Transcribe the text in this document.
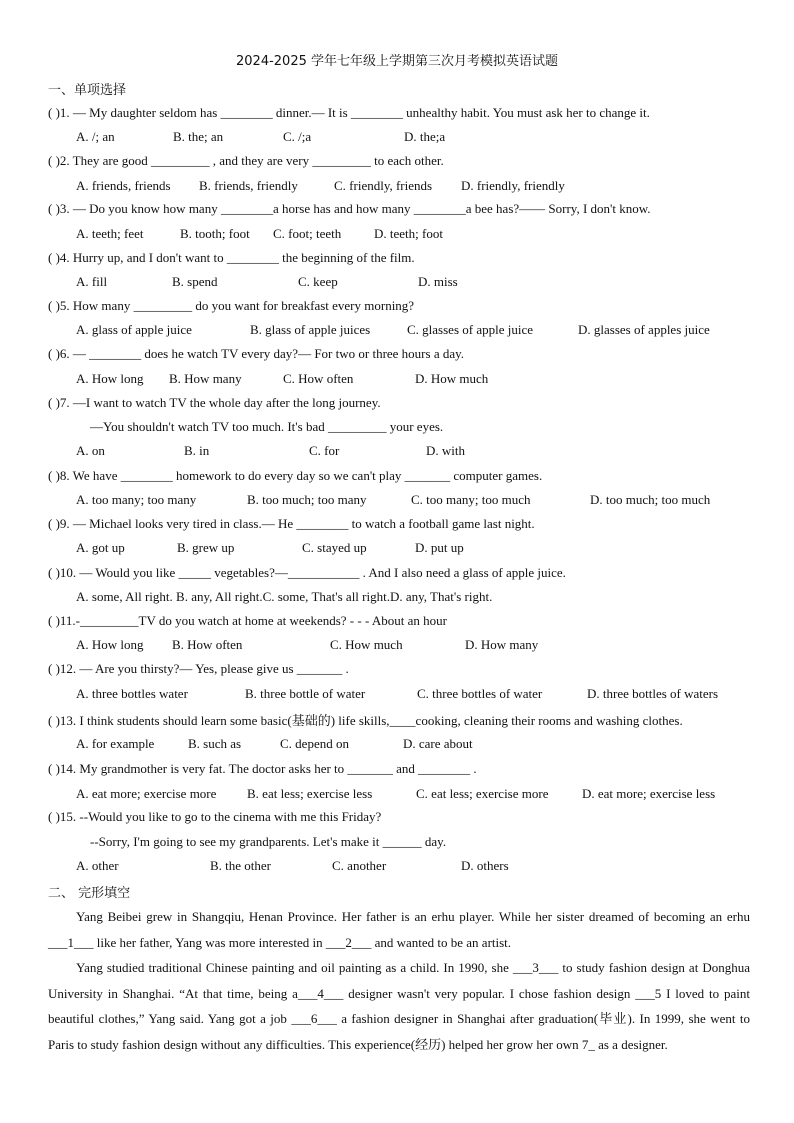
2024-2025 学年七年级上学期第三次月考模拟英语试题
一、单项选择
( )1. — My daughter seldom has ________ dinner.— It is ________ unhealthy habit. You must ask her to change it.
A. /; an	B. the; an	C. /;a	D. the;a
( )2. They are good _________ , and they are very _________ to each other.
A. friends, friends B. friends, friendly	C. friendly, friends D. friendly, friendly
( )3. — Do you know how many ________a horse has and how many ________a bee has?—— Sorry, I don't know.
A. teeth; feet	B. tooth; foot C. foot; teeth	D. teeth; foot
( )4. Hurry up, and I don't want to ________ the beginning of the film.
A. fill	B. spend	C. keep	D. miss
( )5. How many _________ do you want for breakfast every morning?
A. glass of apple juice	B. glass of apple juices	C. glasses of apple juice	D. glasses of apples juice
( )6. — ________ does he watch TV every day?— For two or three hours a day.
A. How long B. How many	C. How often	D. How much
( )7. —I want to watch TV the whole day after the long journey.
—You shouldn't watch TV too much. It's bad _________ your eyes.
A. on	B. in	C. for	D. with
( )8. We have ________ homework to do every day so we can't play _______ computer games.
A. too many; too many	B. too much; too many	C. too many; too much	D. too much; too much
( )9. — Michael looks very tired in class.— He ________ to watch a football game last night.
A. got up	B. grew up	C. stayed up	D. put up
( )10. — Would you like _____ vegetables?—___________ . And I also need a glass of apple juice.
A. some, All right. B. any, All right.C. some, That's all right.D. any, That's right.
( )11.-_________TV do you watch at home at weekends? - - - About an hour
A. How long B. How often	C. How much	D. How many
( )12. — Are you thirsty?— Yes, please give us _______ .
A. three bottles water	B. three bottle of water	C. three bottles of water	D. three bottles of waters
( )13. I think students should learn some basic(基础的) life skills,____cooking, cleaning their rooms and washing clothes.
A. for example	B. such as	C. depend on	D. care about
( )14. My grandmother is very fat. The doctor asks her to _______ and ________ .
A. eat more; exercise more B. eat less; exercise less	C. eat less; exercise more	D. eat more; exercise less
( )15. --Would you like to go to the cinema with me this Friday?
--Sorry, I'm going to see my grandparents. Let's make it ______ day.
A. other	B. the other	C. another	D. others
二、 完形填空
Yang Beibei grew in Shangqiu, Henan Province. Her father is an erhu player. While her sister dreamed of becoming an erhu ___1___ like her father, Yang was more interested in ___2___ and wanted to be an artist.
Yang studied traditional Chinese painting and oil painting as a child. In 1990, she ___3___ to study fashion design at Donghua University in Shanghai. “At that time, being a___4___ designer wasn't very popular. I chose fashion design ___5 I loved to paint beautiful clothes,” Yang said. Yang got a job ___6___ a fashion designer in Shanghai after graduation(毕业). In 1999, she went to Paris to study fashion design without any difficulties. This experience(经历) helped her grow her own 7_ as a designer.
